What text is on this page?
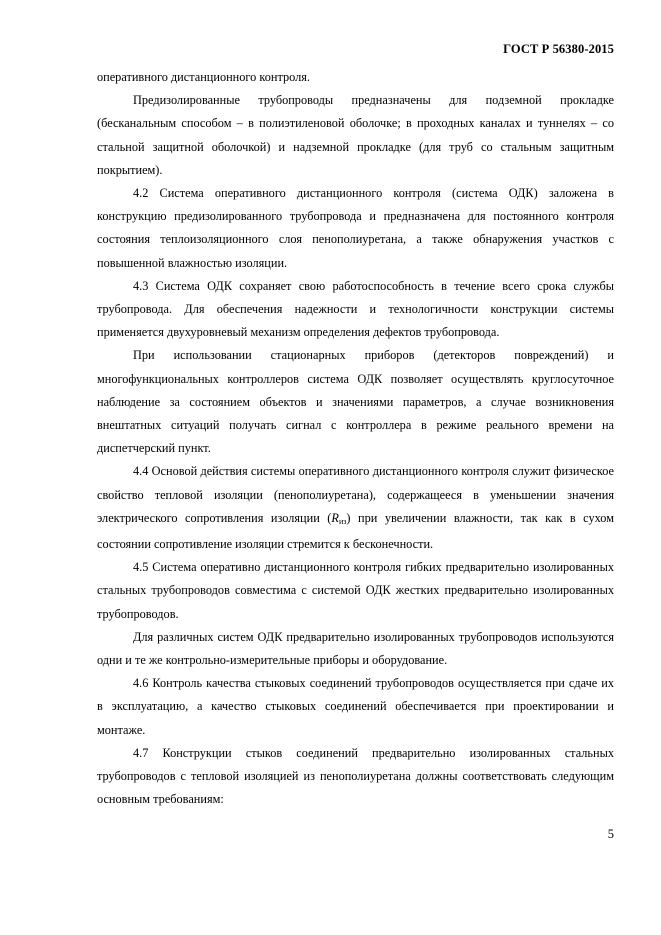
ГОСТ Р 56380-2015

оперативного дистанционного контроля.

Предизолированные трубопроводы предназначены для подземной прокладке (бесканальным способом – в полиэтиленовой оболочке; в проходных каналах и туннелях – со стальной защитной оболочкой) и надземной прокладке (для труб со стальным защитным покрытием).

4.2 Система оперативного дистанционного контроля (система ОДК) заложена в конструкцию предизолированного трубопровода и предназначена для постоянного контроля состояния теплоизоляционного слоя пенополиуретана, а также обнаружения участков с повышенной влажностью изоляции.

4.3 Система ОДК сохраняет свою работоспособность в течение всего срока службы трубопровода. Для обеспечения надежности и технологичности конструкции системы применяется двухуровневый механизм определения дефектов трубопровода.

При использовании стационарных приборов (детекторов повреждений) и многофункциональных контроллеров система ОДК позволяет осуществлять круглосуточное наблюдение за состоянием объектов и значениями параметров, а случае возникновения внештатных ситуаций получать сигнал с контроллера в режиме реального времени на диспетчерский пункт.

4.4 Основой действия системы оперативного дистанционного контроля служит физическое свойство тепловой изоляции (пенополиуретана), содержащееся в уменьшении значения электрического сопротивления изоляции $(R_{из})$ при увеличении влажности, так как в сухом состоянии сопротивление изоляции стремится к бесконечности.

4.5 Система оперативно дистанционного контроля гибких предварительно изолированных стальных трубопроводов совместима с системой ОДК жестких предварительно изолированных трубопроводов.

Для различных систем ОДК предварительно изолированных трубопроводов используются одни и те же контрольно-измерительные приборы и оборудование.

4.6 Контроль качества стыковых соединений трубопроводов осуществляется при сдаче их в эксплуатацию, а качество стыковых соединений обеспечивается при проектировании и монтаже.

4.7 Конструкции стыков соединений предварительно изолированных стальных трубопроводов с тепловой изоляцией из пенополиуретана должны соответствовать следующим основным требованиям:

5
